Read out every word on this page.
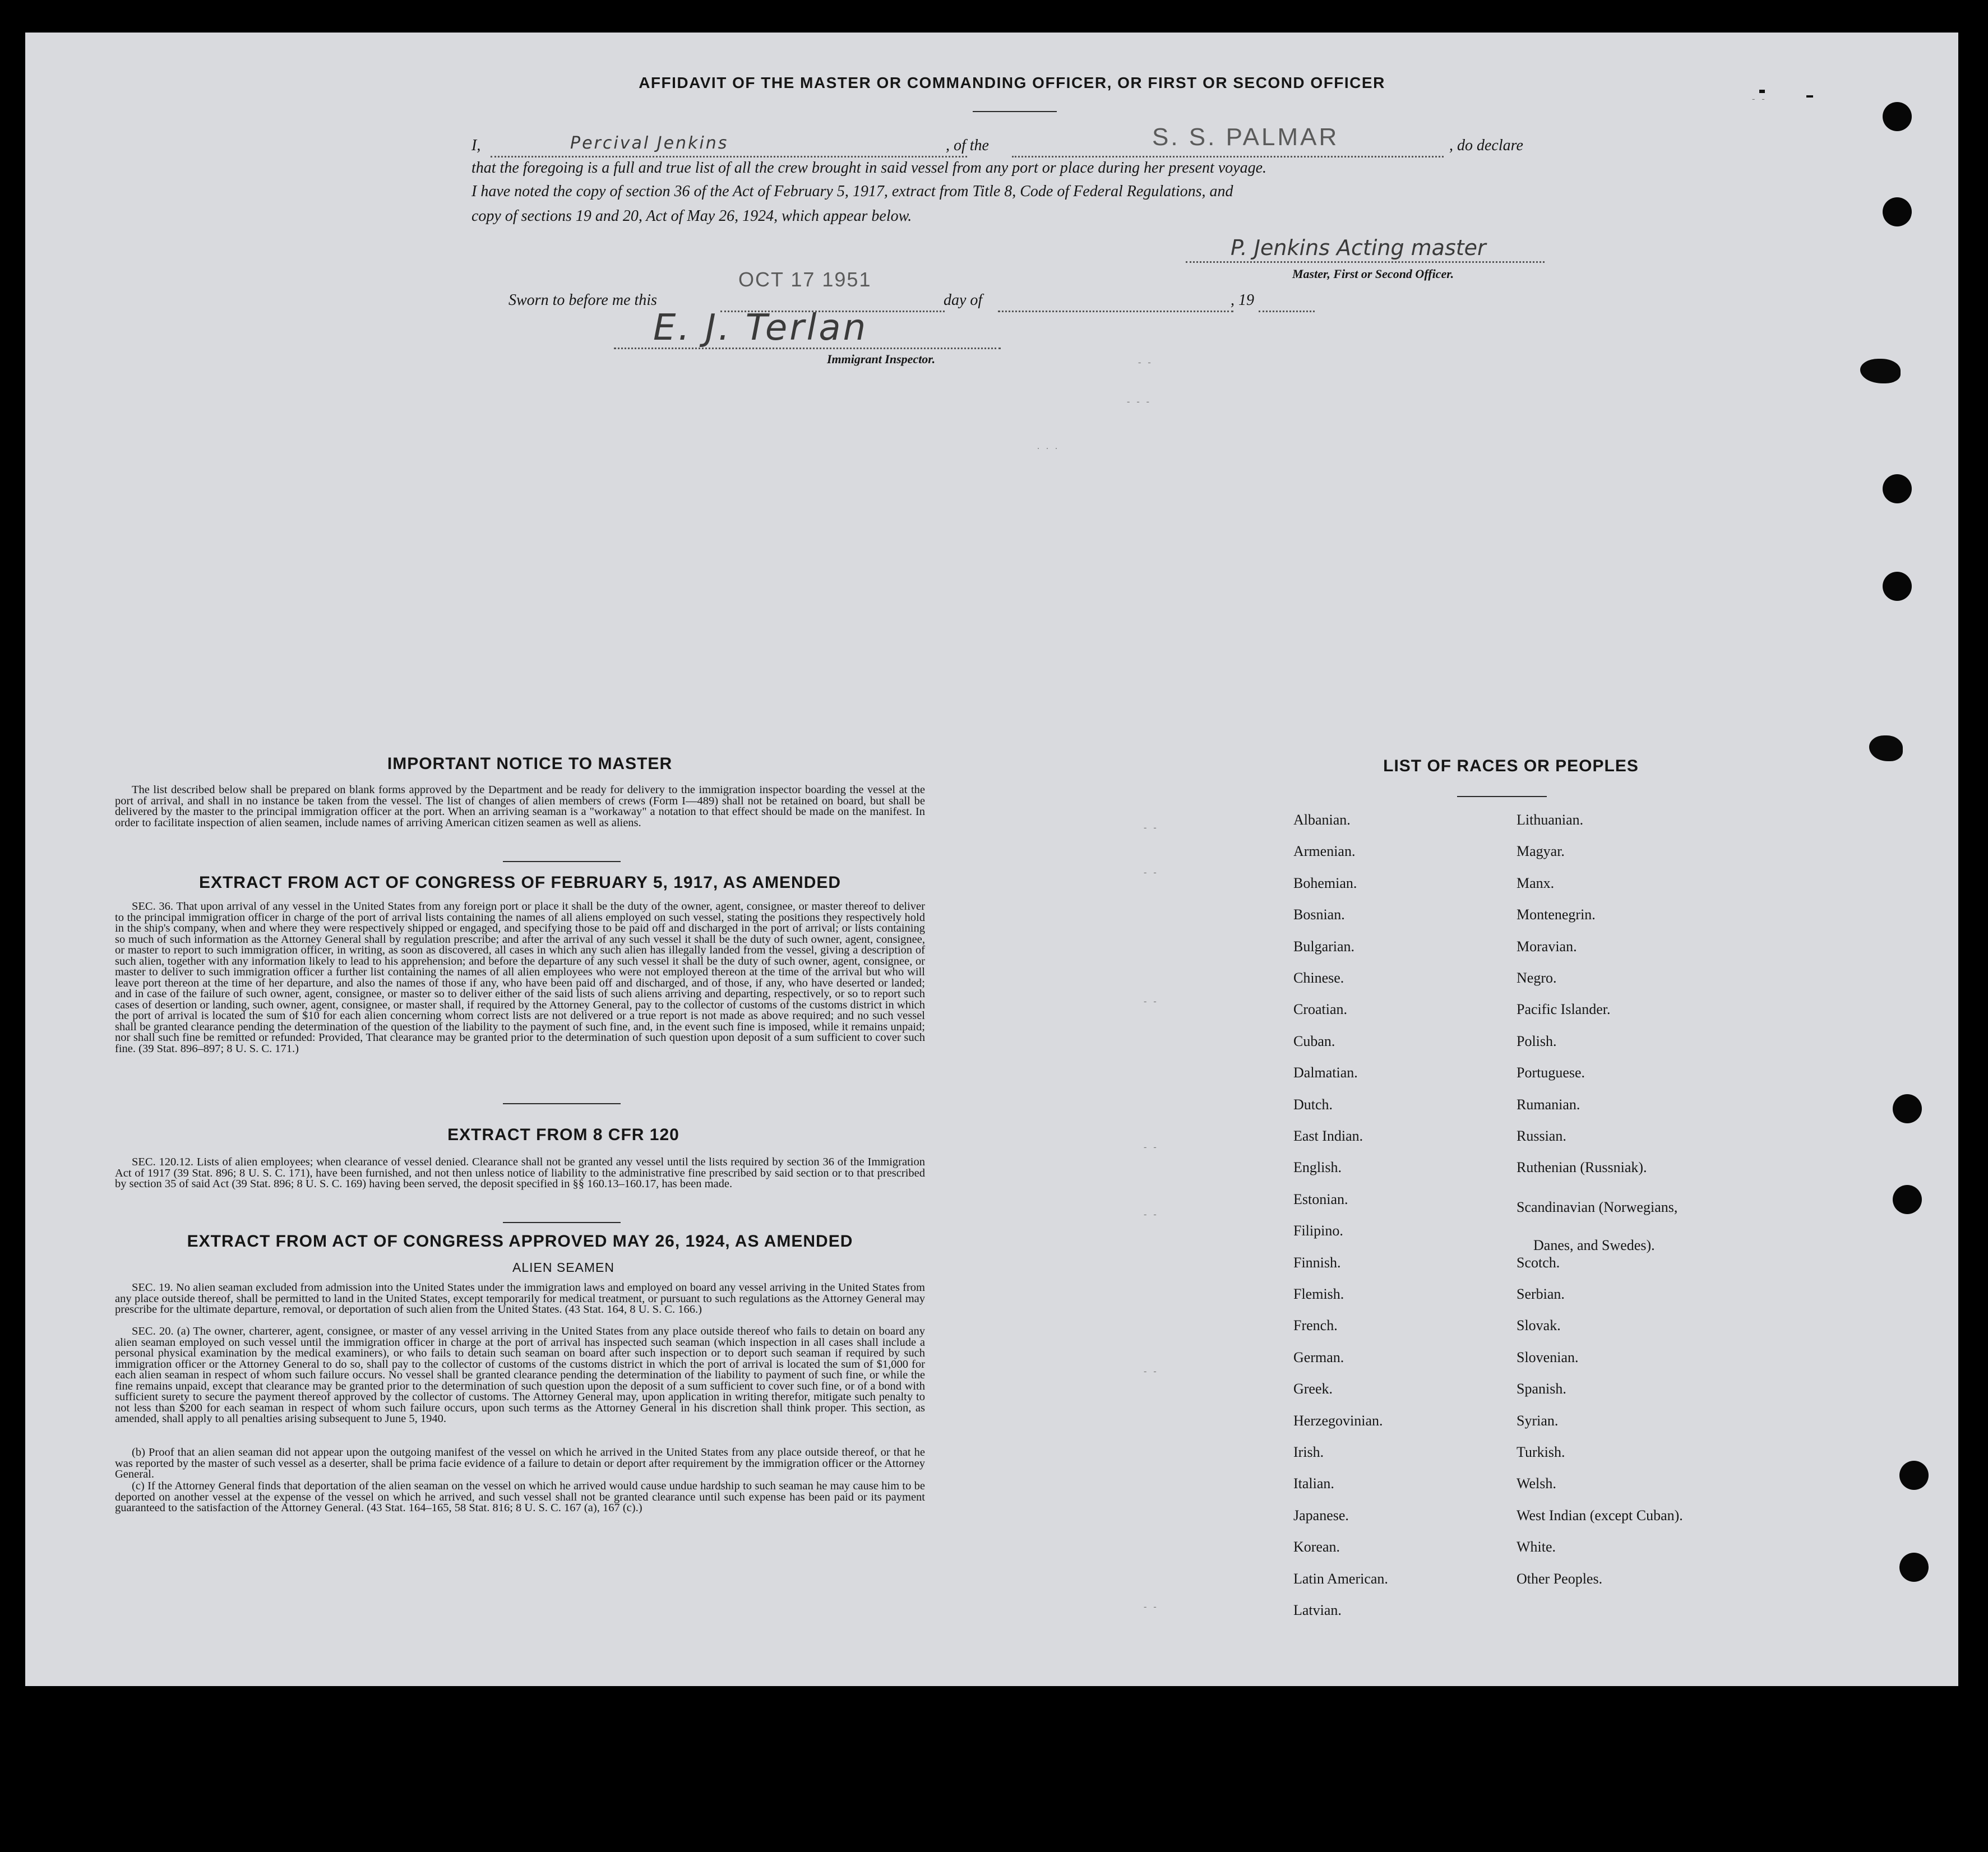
AFFIDAVIT OF THE MASTER OR COMMANDING OFFICER, OR FIRST OR SECOND OFFICER
I,	Percival Jenkins	, of the	S. S. PALMAR	, do declare
that the foregoing is a full and true list of all the crew brought in said vessel from any port or place during her present voyage.
I have noted the copy of section 36 of the Act of February 5, 1917, extract from Title 8, Code of Federal Regulations, and
copy of sections 19 and 20, Act of May 26, 1924, which appear below.
P. Jenkins Acting master
Master, First or Second Officer.
OCT 17 1951
Sworn to before me this	day of	, 19
E. J. Terlan
Immigrant Inspector.
IMPORTANT NOTICE TO MASTER
The list described below shall be prepared on blank forms approved by the Department and be ready for delivery to the immigration inspector boarding the vessel at the port of arrival, and shall in no instance be taken from the vessel. The list of changes of alien members of crews (Form I—489) shall not be retained on board, but shall be delivered by the master to the principal immigration officer at the port. When an arriving seaman is a "workaway" a notation to that effect should be made on the manifest. In order to facilitate inspection of alien seamen, include names of arriving American citizen seamen as well as aliens.
EXTRACT FROM ACT OF CONGRESS OF FEBRUARY 5, 1917, AS AMENDED
SEC. 36. That upon arrival of any vessel in the United States from any foreign port or place it shall be the duty of the owner, agent, consignee, or master thereof to deliver to the principal immigration officer in charge of the port of arrival lists containing the names of all aliens employed on such vessel, stating the positions they respectively hold in the ship's company, when and where they were respectively shipped or engaged, and specifying those to be paid off and discharged in the port of arrival; or lists containing so much of such information as the Attorney General shall by regulation prescribe; and after the arrival of any such vessel it shall be the duty of such owner, agent, consignee, or master to report to such immigration officer, in writing, as soon as discovered, all cases in which any such alien has illegally landed from the vessel, giving a description of such alien, together with any information likely to lead to his apprehension; and before the departure of any such vessel it shall be the duty of such owner, agent, consignee, or master to deliver to such immigration officer a further list containing the names of all alien employees who were not employed thereon at the time of the arrival but who will leave port thereon at the time of her departure, and also the names of those if any, who have been paid off and discharged, and of those, if any, who have deserted or landed; and in case of the failure of such owner, agent, consignee, or master so to deliver either of the said lists of such aliens arriving and departing, respectively, or so to report such cases of desertion or landing, such owner, agent, consignee, or master shall, if required by the Attorney General, pay to the collector of customs of the customs district in which the port of arrival is located the sum of $10 for each alien concerning whom correct lists are not delivered or a true report is not made as above required; and no such vessel shall be granted clearance pending the determination of the question of the liability to the payment of such fine, and, in the event such fine is imposed, while it remains unpaid; nor shall such fine be remitted or refunded: Provided, That clearance may be granted prior to the determination of such question upon deposit of a sum sufficient to cover such fine. (39 Stat. 896–897; 8 U. S. C. 171.)
EXTRACT FROM 8 CFR 120
SEC. 120.12. Lists of alien employees; when clearance of vessel denied. Clearance shall not be granted any vessel until the lists required by section 36 of the Immigration Act of 1917 (39 Stat. 896; 8 U. S. C. 171), have been furnished, and not then unless notice of liability to the administrative fine prescribed by said section or to that prescribed by section 35 of said Act (39 Stat. 896; 8 U. S. C. 169) having been served, the deposit specified in §§ 160.13–160.17, has been made.
EXTRACT FROM ACT OF CONGRESS APPROVED MAY 26, 1924, AS AMENDED
ALIEN SEAMEN
SEC. 19. No alien seaman excluded from admission into the United States under the immigration laws and employed on board any vessel arriving in the United States from any place outside thereof, shall be permitted to land in the United States, except temporarily for medical treatment, or pursuant to such regulations as the Attorney General may prescribe for the ultimate departure, removal, or deportation of such alien from the United States. (43 Stat. 164, 8 U. S. C. 166.)
SEC. 20. (a) The owner, charterer, agent, consignee, or master of any vessel arriving in the United States from any place outside thereof who fails to detain on board any alien seaman employed on such vessel until the immigration officer in charge at the port of arrival has inspected such seaman (which inspection in all cases shall include a personal physical examination by the medical examiners), or who fails to detain such seaman on board after such inspection or to deport such seaman if required by such immigration officer or the Attorney General to do so, shall pay to the collector of customs of the customs district in which the port of arrival is located the sum of $1,000 for each alien seaman in respect of whom such failure occurs. No vessel shall be granted clearance pending the determination of the liability to payment of such fine, or while the fine remains unpaid, except that clearance may be granted prior to the determination of such question upon the deposit of a sum sufficient to cover such fine, or of a bond with sufficient surety to secure the payment thereof approved by the collector of customs. The Attorney General may, upon application in writing therefor, mitigate such penalty to not less than $200 for each seaman in respect of whom such failure occurs, upon such terms as the Attorney General in his discretion shall think proper. This section, as amended, shall apply to all penalties arising subsequent to June 5, 1940.
(b) Proof that an alien seaman did not appear upon the outgoing manifest of the vessel on which he arrived in the United States from any place outside thereof, or that he was reported by the master of such vessel as a deserter, shall be prima facie evidence of a failure to detain or deport after requirement by the immigration officer or the Attorney General.
(c) If the Attorney General finds that deportation of the alien seaman on the vessel on which he arrived would cause undue hardship to such seaman he may cause him to be deported on another vessel at the expense of the vessel on which he arrived, and such vessel shall not be granted clearance until such expense has been paid or its payment guaranteed to the satisfaction of the Attorney General. (43 Stat. 164–165, 58 Stat. 816; 8 U. S. C. 167 (a), 167 (c).)
LIST OF RACES OR PEOPLES
Albanian.
Armenian.
Bohemian.
Bosnian.
Bulgarian.
Chinese.
Croatian.
Cuban.
Dalmatian.
Dutch.
East Indian.
English.
Estonian.
Filipino.
Finnish.
Flemish.
French.
German.
Greek.
Herzegovinian.
Irish.
Italian.
Japanese.
Korean.
Latin American.
Latvian.
Lithuanian.
Magyar.
Manx.
Montenegrin.
Moravian.
Negro.
Pacific Islander.
Polish.
Portuguese.
Rumanian.
Russian.
Ruthenian (Russniak).
Scandinavian (Norwegians,
Danes, and Swedes).
Scotch.
Serbian.
Slovak.
Slovenian.
Spanish.
Syrian.
Turkish.
Welsh.
West Indian (except Cuban).
White.
Other Peoples.
- -
- - -
. . .
- -
- -
- -
- -
- -
- -
- -
- -
